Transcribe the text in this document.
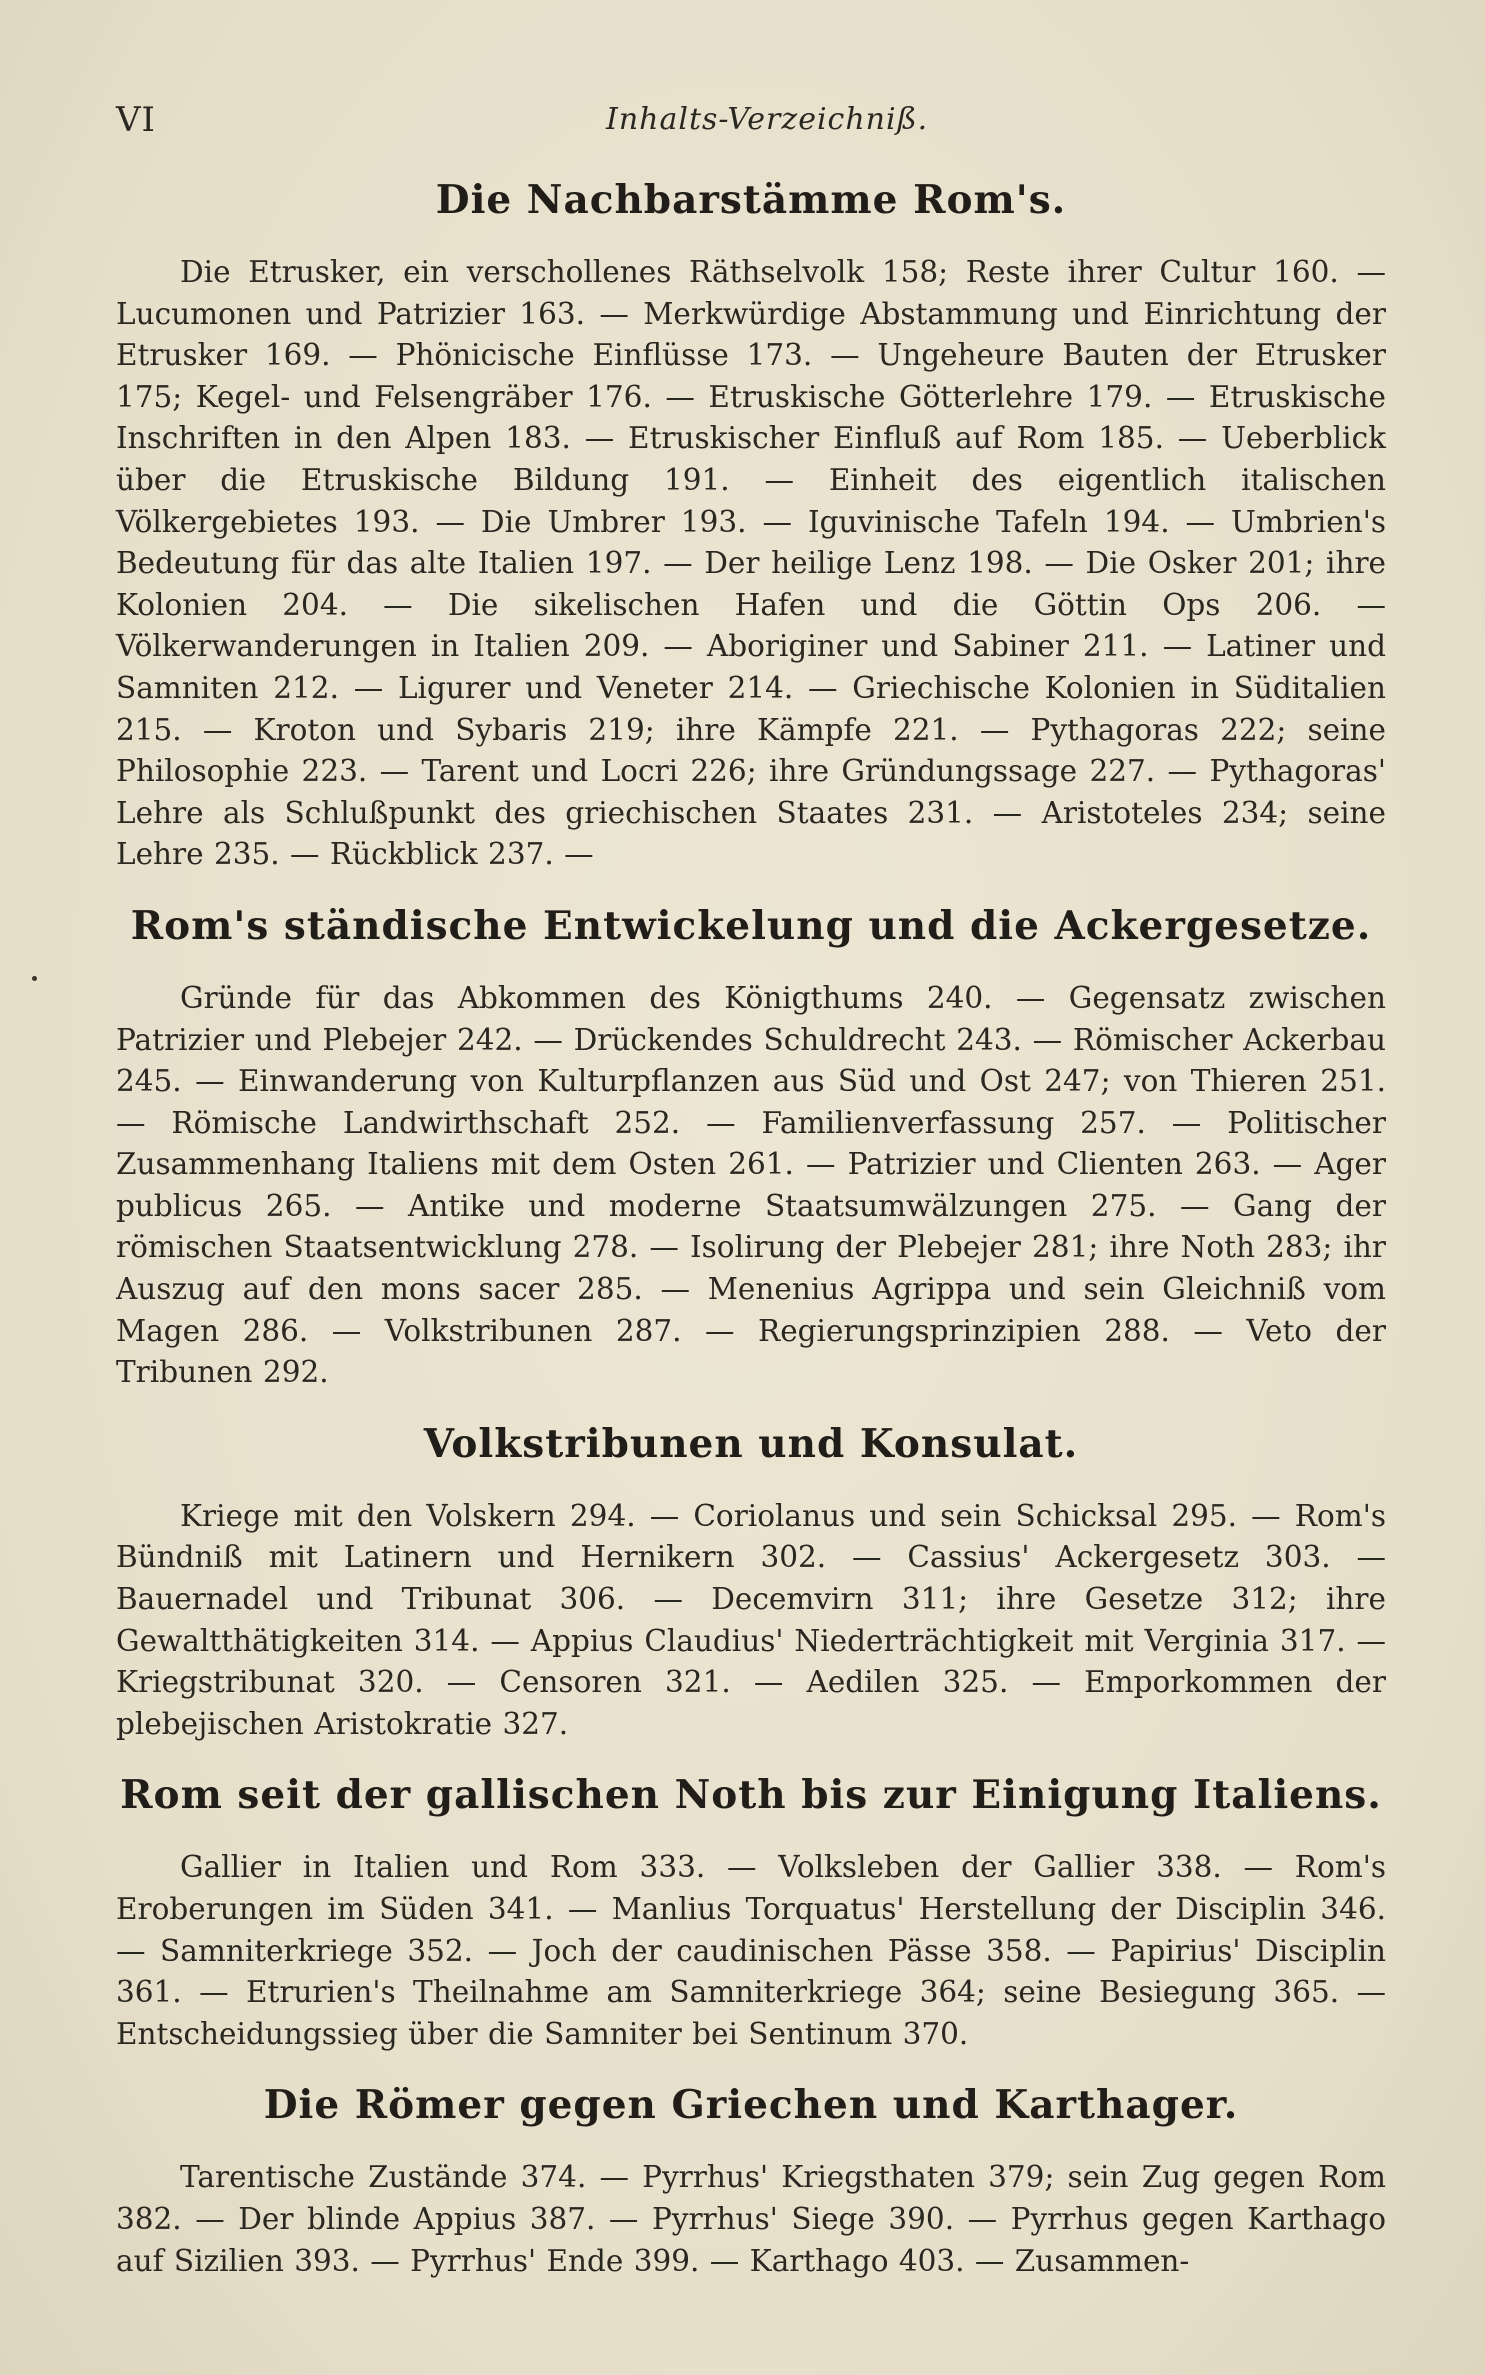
VI	Inhalts-Verzeichniß.
Die Nachbarstämme Rom's.

Die Etrusker, ein verschollenes Räthselvolk 158; Reste ihrer Cultur 160. — Lucumonen und Patrizier 163. — Merkwürdige Abstammung und Einrichtung der Etrusker 169. — Phönicische Einflüsse 173. — Ungeheure Bauten der Etrusker 175; Kegel- und Felsengräber 176. — Etruskische Götterlehre 179. — Etruskische Inschriften in den Alpen 183. — Etruskischer Einfluß auf Rom 185. — Ueberblick über die Etruskische Bildung 191. — Einheit des eigentlich italischen Völkergebietes 193. — Die Umbrer 193. — Iguvinische Tafeln 194. — Umbrien's Bedeutung für das alte Italien 197. — Der heilige Lenz 198. — Die Osker 201; ihre Kolonien 204. — Die sikelischen Hafen und die Göttin Ops 206. — Völkerwanderungen in Italien 209. — Aboriginer und Sabiner 211. — Latiner und Samniten 212. — Ligurer und Veneter 214. — Griechische Kolonien in Süditalien 215. — Kroton und Sybaris 219; ihre Kämpfe 221. — Pythagoras 222; seine Philosophie 223. — Tarent und Locri 226; ihre Gründungssage 227. — Pythagoras' Lehre als Schlußpunkt des griechischen Staates 231. — Aristoteles 234; seine Lehre 235. — Rückblick 237. —

Rom's ständische Entwickelung und die Ackergesetze.

Gründe für das Abkommen des Königthums 240. — Gegensatz zwischen Patrizier und Plebejer 242. — Drückendes Schuldrecht 243. — Römischer Ackerbau 245. — Einwanderung von Kulturpflanzen aus Süd und Ost 247; von Thieren 251. — Römische Landwirthschaft 252. — Familienverfassung 257. — Politischer Zusammenhang Italiens mit dem Osten 261. — Patrizier und Clienten 263. — Ager publicus 265. — Antike und moderne Staatsumwälzungen 275. — Gang der römischen Staatsentwicklung 278. — Isolirung der Plebejer 281; ihre Noth 283; ihr Auszug auf den mons sacer 285. — Menenius Agrippa und sein Gleichniß vom Magen 286. — Volkstribunen 287. — Regierungsprinzipien 288. — Veto der Tribunen 292.

Volkstribunen und Konsulat.

Kriege mit den Volskern 294. — Coriolanus und sein Schicksal 295. — Rom's Bündniß mit Latinern und Hernikern 302. — Cassius' Ackergesetz 303. — Bauernadel und Tribunat 306. — Decemvirn 311; ihre Gesetze 312; ihre Gewaltthätigkeiten 314. — Appius Claudius' Niederträchtigkeit mit Verginia 317. — Kriegstribunat 320. — Censoren 321. — Aedilen 325. — Emporkommen der plebejischen Aristokratie 327.

Rom seit der gallischen Noth bis zur Einigung Italiens.

Gallier in Italien und Rom 333. — Volksleben der Gallier 338. — Rom's Eroberungen im Süden 341. — Manlius Torquatus' Herstellung der Disciplin 346. — Samniterkriege 352. — Joch der caudinischen Pässe 358. — Papirius' Disciplin 361. — Etrurien's Theilnahme am Samniterkriege 364; seine Besiegung 365. — Entscheidungssieg über die Samniter bei Sentinum 370.

Die Römer gegen Griechen und Karthager.

Tarentische Zustände 374. — Pyrrhus' Kriegsthaten 379; sein Zug gegen Rom 382. — Der blinde Appius 387. — Pyrrhus' Siege 390. — Pyrrhus gegen Karthago auf Sizilien 393. — Pyrrhus' Ende 399. — Karthago 403. — Zusammen-
